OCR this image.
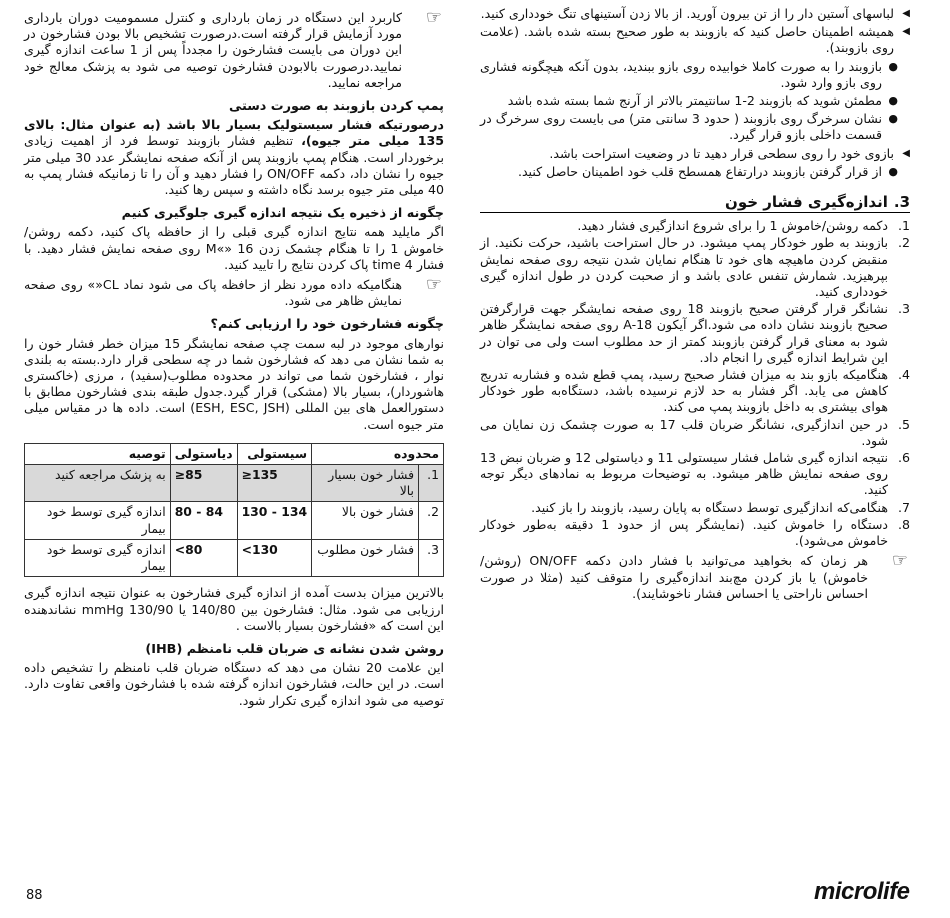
◀
لباسهای آستین دار را از تن بیرون آورید. از بالا زدن آستینهای تنگ خودداری کنید.
◀
همیشه اطمینان حاصل کنید که بازوبند به طور صحیح بسته شده باشد. (علامت روی بازوبند).
●
بازوبند را به صورت کاملا خوابیده روی بازو ببندید، بدون آنکه هیچگونه فشاری روی بازو وارد شود.
●
مطمئن شوید که بازوبند 2-1 سانتیمتر بالاتر از آرنج شما بسته شده باشد
●
نشان سرخرگ روی بازوبند ( حدود 3 سانتی متر) می بایست روی سرخرگ در قسمت داخلی بازو قرار گیرد.
◀
بازوی خود را روی سطحی قرار دهید تا در وضعیت استراحت باشد.
●
از قرار گرفتن بازوبند درارتفاع همسطح قلب خود اطمینان حاصل کنید.
3.
اندازه‌گیری فشار خون
1.
دکمه روشن/خاموش 1 را برای شروع اندازگیری فشار دهید.
2.
بازوبند به طور خودکار پمپ میشود. در حال استراحت باشید، حرکت نکنید. از منقبض کردن ماهیچه های خود تا هنگام نمایان شدن نتیجه روی صفحه نمایش بپرهیزید. شمارش تنفس عادی باشد و از صحبت کردن در طول اندازه گیری خودداری کنید.
3.
نشانگر قرار گرفتن صحیح بازوبند 18 روی صفحه نمایشگر جهت قرارگرفتن صحیح بازوبند نشان داده می شود.اگر آیکون A-18 روی صفحه نمایشگر ظاهر شود به معنای قرار گرفتن بازوبند کمتر از حد مطلوب است ولی می توان در این شرایط اندازه گیری را انجام داد.
4.
هنگامیکه بازو بند به میزان فشار صحیح رسید، پمپ قطع شده و فشاربه تدریج کاهش می یابد. اگر فشار به حد لازم نرسیده باشد، دستگاه‌به طور خودکار هوای بیشتری به داخل بازوبند پمپ می کند.
5.
در حین اندازگیری، نشانگر ضربان قلب 17 به صورت چشمک زن نمایان می شود.
6.
نتیجه اندازه گیری شامل فشار سیستولی 11 و دیاستولی 12 و ضربان نبض 13 روی صفحه نمایش ظاهر میشود. به توضیحات مربوط به نمادهای دیگر توجه کنید.
7.
هنگامی‌که اندازگیری توسط دستگاه به پایان رسید، بازوبند را باز کنید.
8.
دستگاه را خاموش کنید. (نمایشگر پس از حدود 1 دقیقه به‌طور خودکار خاموش می‌شود).
☞
هر زمان که بخواهید می‌توانید با فشار دادن دکمه ON/OFF (روشن/خاموش) یا باز کردن مچ‌بند اندازه‌گیری را متوقف کنید (مثلا در صورت احساس ناراحتی یا احساس فشار ناخوشایند).
☞
کاربرد این دستگاه در زمان بارداری و کنترل مسمومیت دوران بارداری مورد آزمایش قرار گرفته است.درصورت تشخیص بالا بودن فشارخون در این دوران می بایست فشارخون را مجدداً پس از 1 ساعت اندازه گیری نمایید.درصورت بالابودن فشارخون توصیه می شود به پزشک معالج خود مراجعه نمایید.
پمپ کردن بازوبند به صورت دستی

درصورتیکه فشار سیستولیک بسیار بالا باشد (به عنوان مثال: بالای 135 میلی متر جیوه)، تنظیم فشار بازوبند توسط فرد از اهمیت زیادی برخوردار است. هنگام پمپ بازوبند پس از آنکه صفحه نمایشگر عدد 30 میلی متر جیوه را نشان داد، دکمه ON/OFF را فشار دهید و آن را تا زمانیکه فشار پمپ به 40 میلی متر جیوه برسد نگاه داشته و سپس رها کنید.

چگونه از ذخیره یک نتیجه اندازه گیری جلوگیری کنیم

اگر مایلید همه نتایج اندازه گیری قبلی را از حافظه پاک کنید، دکمه روشن/خاموش 1 را تا هنگام چشمک زدن M«» 16 روی صفحه نمایش فشار دهید. با فشار time 4 پاک کردن نتایج را تایید کنید.

☞
هنگامیکه داده مورد نظر از حافظه پاک می شود نماد CL«» روی صفحه نمایش ظاهر می شود.
چگونه فشارخون خود را ارزیابی کنم؟

نوارهای موجود در لبه سمت چپ صفحه نمایشگر 15 میزان خطر فشار خون را به شما نشان می دهد که فشارخون شما در چه سطحی قرار دارد.بسته به بلندی نوار ، فشارخون شما می تواند در محدوده مطلوب(سفید) ، مرزی (خاکستری هاشوردار)، بسیار بالا (مشکی) قرار گیرد.جدول طبقه بندی فشارخون مطابق با دستورالعمل های بین المللی (ESH, ESC, JSH) است. داده ها در مقیاس میلی متر جیوه است.

محدوده		سیستولی	دیاستولی	توصیه
1.	فشار خون بسیار بالا	≥135	≥85	به پزشک مراجعه کنید
2.	فشار خون بالا	130 - 134	80 - 84	اندازه گیری توسط خود بیمار
3.	فشار خون مطلوب	<130	<80	اندازه گیری توسط خود بیمار

بالاترین میزان بدست آمده از اندازه گیری فشارخون به عنوان نتیجه اندازه گیری ارزیابی می شود. مثال: فشارخون بین 140/80 یا 130/90 mmHg نشاندهنده این است که «فشارخون بسیار بالاست .

روشن شدن نشانه ی ضربان قلب نامنظم (IHB)

این علامت 20 نشان می دهد که دستگاه ضربان قلب نامنظم را تشخیص داده است. در این حالت، فشارخون اندازه گرفته شده با فشارخون واقعی تفاوت دارد. توصیه می شود اندازه گیری تکرار شود.

88	microlife
